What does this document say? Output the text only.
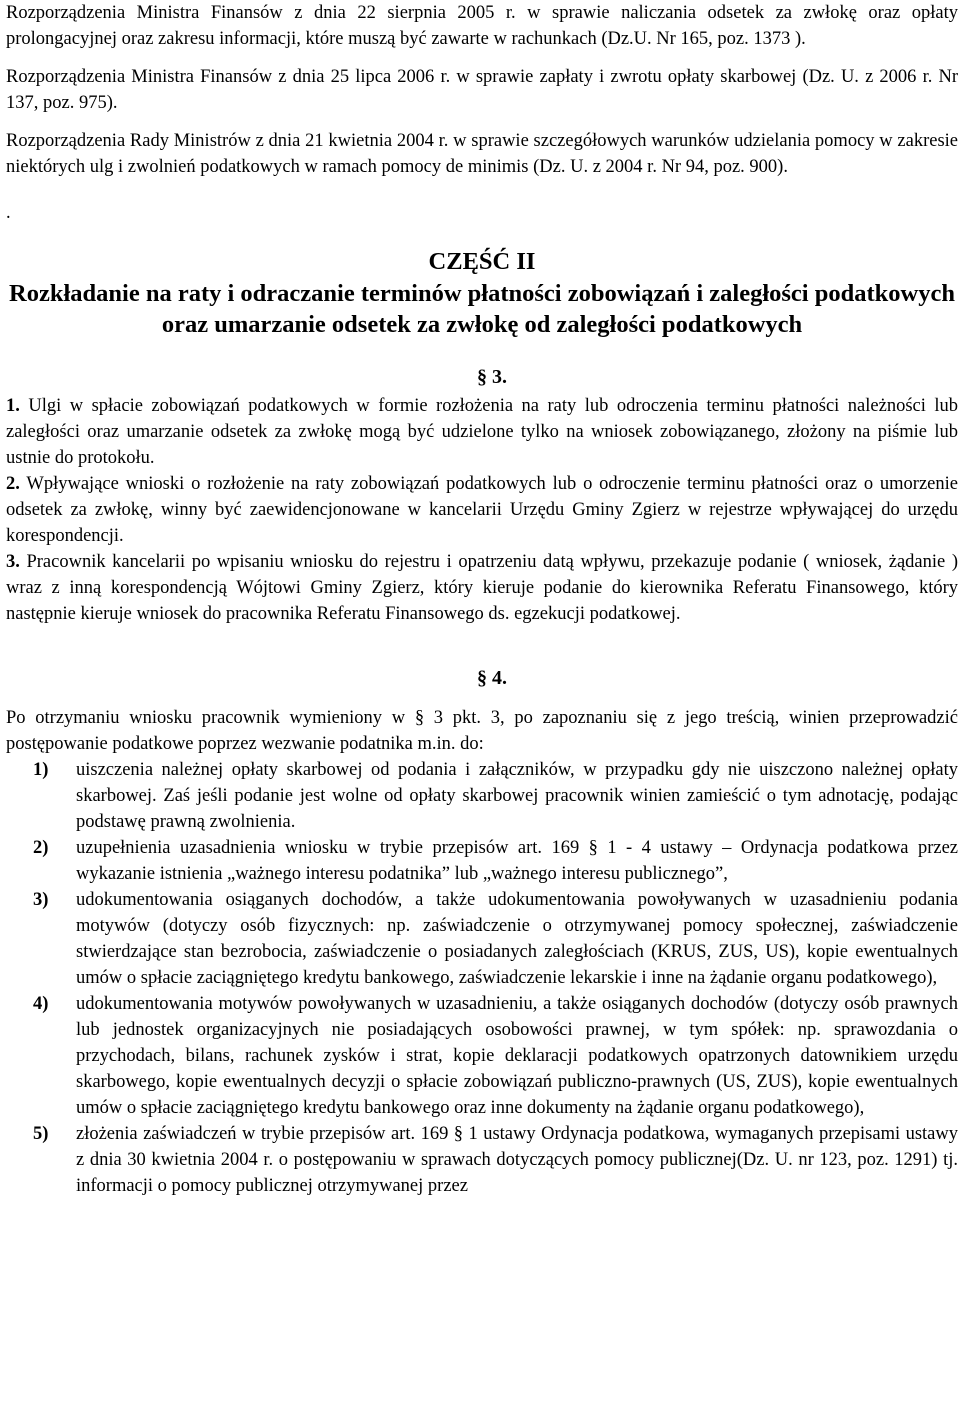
Rozporządzenia Ministra Finansów z dnia 22 sierpnia 2005 r. w sprawie naliczania odsetek za zwłokę oraz opłaty prolongacyjnej oraz zakresu informacji, które muszą być zawarte w rachunkach (Dz.U. Nr 165, poz. 1373 ).

Rozporządzenia Ministra Finansów z dnia 25 lipca 2006 r. w sprawie zapłaty i zwrotu opłaty skarbowej (Dz. U. z 2006 r. Nr 137, poz. 975).

Rozporządzenia Rady Ministrów z dnia 21 kwietnia 2004 r. w sprawie szczegółowych warunków udzielania pomocy w zakresie niektórych ulg i zwolnień podatkowych w ramach pomocy de minimis (Dz. U. z 2004 r. Nr 94, poz. 900).

.
CZĘŚĆ II
Rozkładanie na raty i odraczanie terminów płatności zobowiązań i zaległości podatkowych oraz umarzanie odsetek za zwłokę od zaległości podatkowych
§ 3.

1. Ulgi w spłacie zobowiązań podatkowych w formie rozłożenia na raty lub odroczenia terminu płatności należności lub zaległości oraz umarzanie odsetek za zwłokę mogą być udzielone tylko na wniosek zobowiązanego, złożony na piśmie lub ustnie do protokołu.

2. Wpływające wnioski o rozłożenie na raty zobowiązań podatkowych lub o odroczenie terminu płatności oraz o umorzenie odsetek za zwłokę, winny być zaewidencjonowane w kancelarii Urzędu Gminy Zgierz w rejestrze wpływającej do urzędu korespondencji.

3. Pracownik kancelarii po wpisaniu wniosku do rejestru i opatrzeniu datą wpływu, przekazuje podanie ( wniosek, żądanie ) wraz z inną korespondencją Wójtowi Gminy Zgierz, który kieruje podanie do kierownika Referatu Finansowego, który następnie kieruje wniosek do pracownika Referatu Finansowego ds. egzekucji podatkowej.

§ 4.

Po otrzymaniu wniosku pracownik wymieniony w § 3 pkt. 3, po zapoznaniu się z jego treścią, winien przeprowadzić postępowanie podatkowe poprzez wezwanie podatnika m.in. do:

1)	uiszczenia należnej opłaty skarbowej od podania i załączników, w przypadku gdy nie uiszczono należnej opłaty skarbowej. Zaś jeśli podanie jest wolne od opłaty skarbowej pracownik winien zamieścić o tym adnotację, podając podstawę prawną zwolnienia.
2)	uzupełnienia uzasadnienia wniosku w trybie przepisów art. 169 § 1 - 4 ustawy – Ordynacja podatkowa przez wykazanie istnienia „ważnego interesu podatnika” lub „ważnego interesu publicznego”,
3)	udokumentowania osiąganych dochodów, a także udokumentowania powoływanych w uzasadnieniu podania motywów (dotyczy osób fizycznych: np. zaświadczenie o otrzymywanej pomocy społecznej, zaświadczenie stwierdzające stan bezrobocia, zaświadczenie o posiadanych zaległościach (KRUS, ZUS, US), kopie ewentualnych umów o spłacie zaciągniętego kredytu bankowego, zaświadczenie lekarskie i inne na żądanie organu podatkowego),
4)	udokumentowania motywów powoływanych w uzasadnieniu, a także osiąganych dochodów (dotyczy osób prawnych lub jednostek organizacyjnych nie posiadających osobowości prawnej, w tym spółek: np. sprawozdania o przychodach, bilans, rachunek zysków i strat, kopie deklaracji podatkowych opatrzonych datownikiem urzędu skarbowego, kopie ewentualnych decyzji o spłacie zobowiązań publiczno-prawnych (US, ZUS), kopie ewentualnych umów o spłacie zaciągniętego kredytu bankowego oraz inne dokumenty na żądanie organu podatkowego),
5)	złożenia zaświadczeń w trybie przepisów art. 169 § 1 ustawy Ordynacja podatkowa, wymaganych przepisami ustawy z dnia 30 kwietnia 2004 r. o postępowaniu w sprawach dotyczących pomocy publicznej(Dz. U. nr 123, poz. 1291) tj. informacji o pomocy publicznej otrzymywanej przez
